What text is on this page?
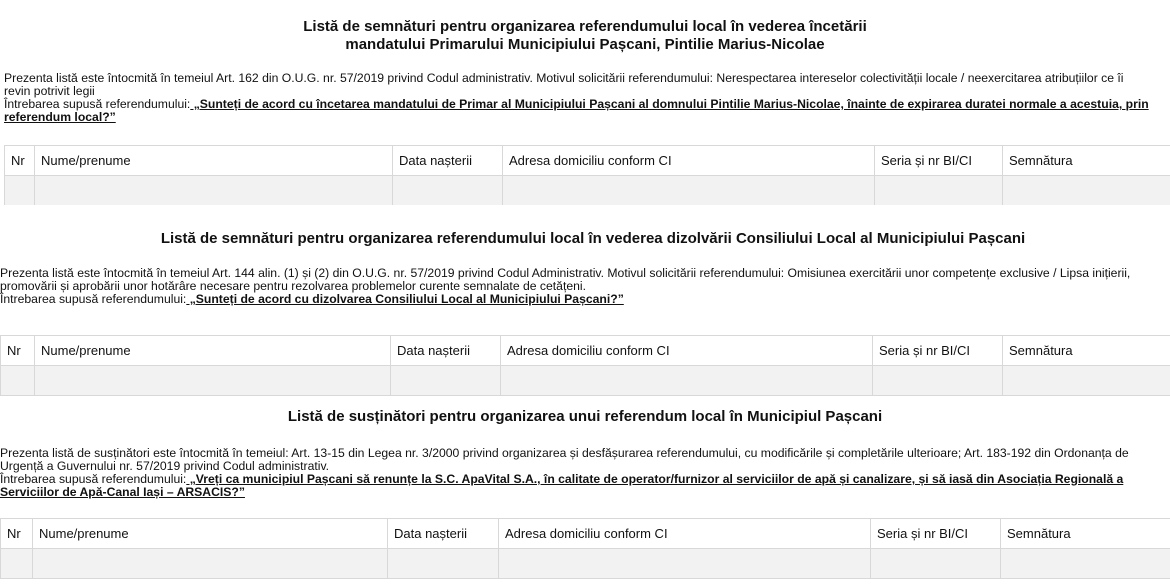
Listă de semnături pentru organizarea referendumului local în vederea încetării

mandatului Primarului Municipiului Pașcani, Pintilie Marius-Nicolae

Prezenta listă este întocmită în temeiul Art. 162 din O.U.G. nr. 57/2019 privind Codul administrativ. Motivul solicitării referendumului: Nerespectarea intereselor colectivității locale / neexercitarea atribuțiilor ce îi revin potrivit legii

Întrebarea supusă referendumului: „Sunteți de acord cu încetarea mandatului de Primar al Municipiului Pașcani al domnului Pintilie Marius-Nicolae, înainte de expirarea duratei normale a acestuia, prin referendum local?”

Nr	Nume/prenume	Data nașterii	Adresa domiciliu conform CI	Seria și nr BI/CI	Semnătura

Listă de semnături pentru organizarea referendumului local în vederea dizolvării Consiliului Local al Municipiului Pașcani

Prezenta listă este întocmită în temeiul Art. 144 alin. (1) și (2) din O.U.G. nr. 57/2019 privind Codul Administrativ. Motivul solicitării referendumului: Omisiunea exercitării unor competențe exclusive / Lipsa inițierii, promovării și aprobării unor hotărâre necesare pentru rezolvarea problemelor curente semnalate de cetățeni.

Întrebarea supusă referendumului: „Sunteți de acord cu dizolvarea Consiliului Local al Municipiului Pașcani?”

Nr	Nume/prenume	Data nașterii	Adresa domiciliu conform CI	Seria și nr BI/CI	Semnătura

Listă de susținători pentru organizarea unui referendum local în Municipiul Pașcani

Prezenta listă de susținători este întocmită în temeiul: Art. 13-15 din Legea nr. 3/2000 privind organizarea și desfășurarea referendumului, cu modificările și completările ulterioare; Art. 183-192 din Ordonanța de Urgență a Guvernului nr. 57/2019 privind Codul administrativ.

Întrebarea supusă referendumului: „Vreți ca municipiul Pașcani să renunțe la S.C. ApaVital S.A., în calitate de operator/furnizor al serviciilor de apă și canalizare, și să iasă din Asociația Regională a Serviciilor de Apă-Canal Iași – ARSACIS?”

Nr	Nume/prenume	Data nașterii	Adresa domiciliu conform CI	Seria și nr BI/CI	Semnătura
